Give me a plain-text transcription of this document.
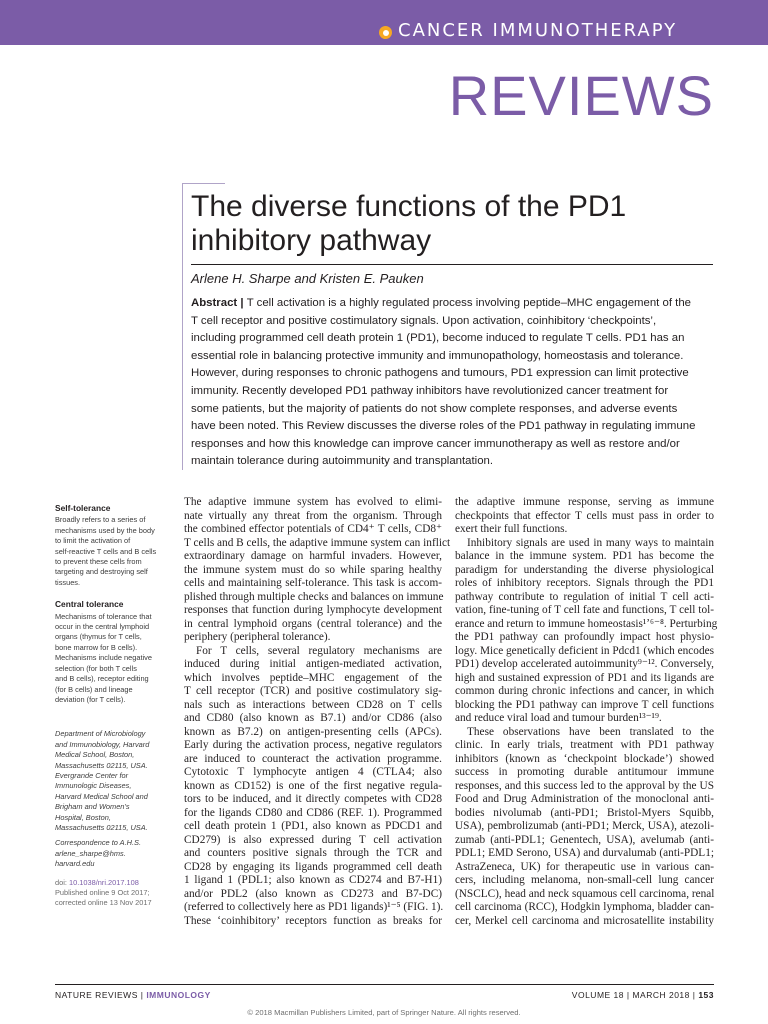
CANCER IMMUNOTHERAPY
REVIEWS
The diverse functions of the PD1
inhibitory pathway
Arlene H. Sharpe and Kristen E. Pauken

Abstract | T cell activation is a highly regulated process involving peptide–MHC engagement of the

T cell receptor and positive costimulatory signals. Upon activation, coinhibitory ‘checkpoints’,

including programmed cell death protein 1 (PD1), become induced to regulate T cells. PD1 has an

essential role in balancing protective immunity and immunopathology, homeostasis and tolerance.

However, during responses to chronic pathogens and tumours, PD1 expression can limit protective

immunity. Recently developed PD1 pathway inhibitors have revolutionized cancer treatment for

some patients, but the majority of patients do not show complete responses, and adverse events

have been noted. This Review discusses the diverse roles of the PD1 pathway in regulating immune

responses and how this knowledge can improve cancer immunotherapy as well as restore and/or

maintain tolerance during autoimmunity and transplantation.

Self-tolerance
Broadly refers to a series of
mechanisms used by the body
to limit the activation of
self-reactive T cells and B cells
to prevent these cells from
targeting and destroying self
tissues.
Central tolerance
Mechanisms of tolerance that
occur in the central lymphoid
organs (thymus for T cells,
bone marrow for B cells).
Mechanisms include negative
selection (for both T cells
and B cells), receptor editing
(for B cells) and lineage
deviation (for T cells).
Department of Microbiology
and Immunobiology, Harvard
Medical School, Boston,
Massachusetts 02115, USA.
Evergrande Center for
Immunologic Diseases,
Harvard Medical School and
Brigham and Women’s
Hospital, Boston,
Massachusetts 02115, USA.
Correspondence to A.H.S.
arlene_sharpe@hms.
harvard.edu
doi: 10.1038/nri.2017.108
Published online 9 Oct 2017;
corrected online 13 Nov 2017

The adaptive immune system has evolved to elimi-
nate virtually any threat from the organism. Through
the combined effector potentials of CD4⁺ T cells, CD8⁺
T cells and B cells, the adaptive immune system can inflict
extraordinary damage on harmful invaders. However,
the immune system must do so while sparing healthy
cells and maintaining self-tolerance. This task is accom-
plished through multiple checks and balances on immune
responses that function during lymphocyte development
in central lymphoid organs (central tolerance) and the
periphery (peripheral tolerance).

For T cells, several regulatory mechanisms are
induced during initial antigen-mediated activation,
which involves peptide–MHC engagement of the
T cell receptor (TCR) and positive costimulatory sig-
nals such as interactions between CD28 on T cells
and CD80 (also known as B7.1) and/or CD86 (also
known as B7.2) on antigen-presenting cells (APCs).
Early during the activation process, negative regulators
are induced to counteract the activation programme.
Cytotoxic T lymphocyte antigen 4 (CTLA4; also
known as CD152) is one of the first negative regula-
tors to be induced, and it directly competes with CD28
for the ligands CD80 and CD86 (REF. 1). Programmed
cell death protein 1 (PD1, also known as PDCD1 and
CD279) is also expressed during T cell activation
and counters positive signals through the TCR and
CD28 by engaging its ligands programmed cell death
1 ligand 1 (PDL1; also known as CD274 and B7-H1)
and/or PDL2 (also known as CD273 and B7-DC)
(referred to collectively here as PD1 ligands)¹⁻⁵ (FIG. 1).
These ‘coinhibitory’ receptors function as breaks for

the adaptive immune response, serving as immune
checkpoints that effector T cells must pass in order to
exert their full functions.

Inhibitory signals are used in many ways to maintain
balance in the immune system. PD1 has become the
paradigm for understanding the diverse physiological
roles of inhibitory receptors. Signals through the PD1
pathway contribute to regulation of initial T cell acti-
vation, fine-tuning of T cell fate and functions, T cell tol-
erance and return to immune homeostasis¹ʼ⁶⁻⁸. Perturbing
the PD1 pathway can profoundly impact host physio-
logy. Mice genetically deficient in Pdcd1 (which encodes
PD1) develop accelerated autoimmunity⁹⁻¹². Conversely,
high and sustained expression of PD1 and its ligands are
common during chronic infections and cancer, in which
blocking the PD1 pathway can improve T cell functions
and reduce viral load and tumour burden¹³⁻¹⁹.

These observations have been translated to the
clinic. In early trials, treatment with PD1 pathway
inhibitors (known as ‘checkpoint blockade’) showed
success in promoting durable antitumour immune
responses, and this success led to the approval by the US
Food and Drug Administration of the monoclonal anti-
bodies nivolumab (anti-PD1; Bristol-Myers Squibb,
USA), pembrolizumab (anti-PD1; Merck, USA), atezoli-
zumab (anti-PDL1; Genentech, USA), avelumab (anti-
PDL1; EMD Serono, USA) and durvalumab (anti-PDL1;
AstraZeneca, UK) for therapeutic use in various can-
cers, including melanoma, non-small-cell lung cancer
(NSCLC), head and neck squamous cell carcinoma, renal
cell carcinoma (RCC), Hodgkin lymphoma, bladder can-
cer, Merkel cell carcinoma and microsatellite instability

NATURE REVIEWS | IMMUNOLOGY	VOLUME 18 | MARCH 2018 | 153
© 2018 Macmillan Publishers Limited, part of Springer Nature. All rights reserved.
